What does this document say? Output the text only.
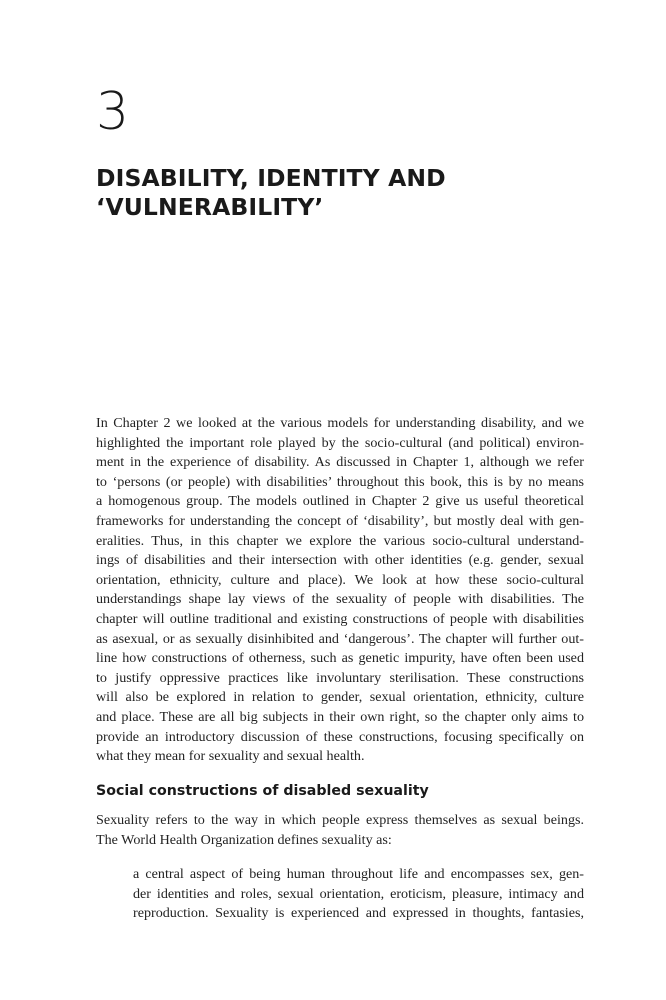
3
DISABILITY, IDENTITY AND
‘VULNERABILITY’
In Chapter 2 we looked at the various models for understanding disability, and we
highlighted the important role played by the socio-cultural (and political) environ-
ment in the experience of disability. As discussed in Chapter 1, although we refer
to ‘persons (or people) with disabilities’ throughout this book, this is by no means
a homogenous group. The models outlined in Chapter 2 give us useful theoretical
frameworks for understanding the concept of ‘disability’, but mostly deal with gen-
eralities. Thus, in this chapter we explore the various socio-cultural understand-
ings of disabilities and their intersection with other identities (e.g. gender, sexual
orientation, ethnicity, culture and place). We look at how these socio-cultural
understandings shape lay views of the sexuality of people with disabilities. The
chapter will outline traditional and existing constructions of people with disabilities
as asexual, or as sexually disinhibited and ‘dangerous’. The chapter will further out-
line how constructions of otherness, such as genetic impurity, have often been used
to justify oppressive practices like involuntary sterilisation. These constructions
will also be explored in relation to gender, sexual orientation, ethnicity, culture
and place. These are all big subjects in their own right, so the chapter only aims to
provide an introductory discussion of these constructions, focusing specifically on
what they mean for sexuality and sexual health.
Social constructions of disabled sexuality
Sexuality refers to the way in which people express themselves as sexual beings.
The World Health Organization defines sexuality as:
a central aspect of being human throughout life and encompasses sex, gen-
der identities and roles, sexual orientation, eroticism, pleasure, intimacy and
reproduction. Sexuality is experienced and expressed in thoughts, fantasies,
